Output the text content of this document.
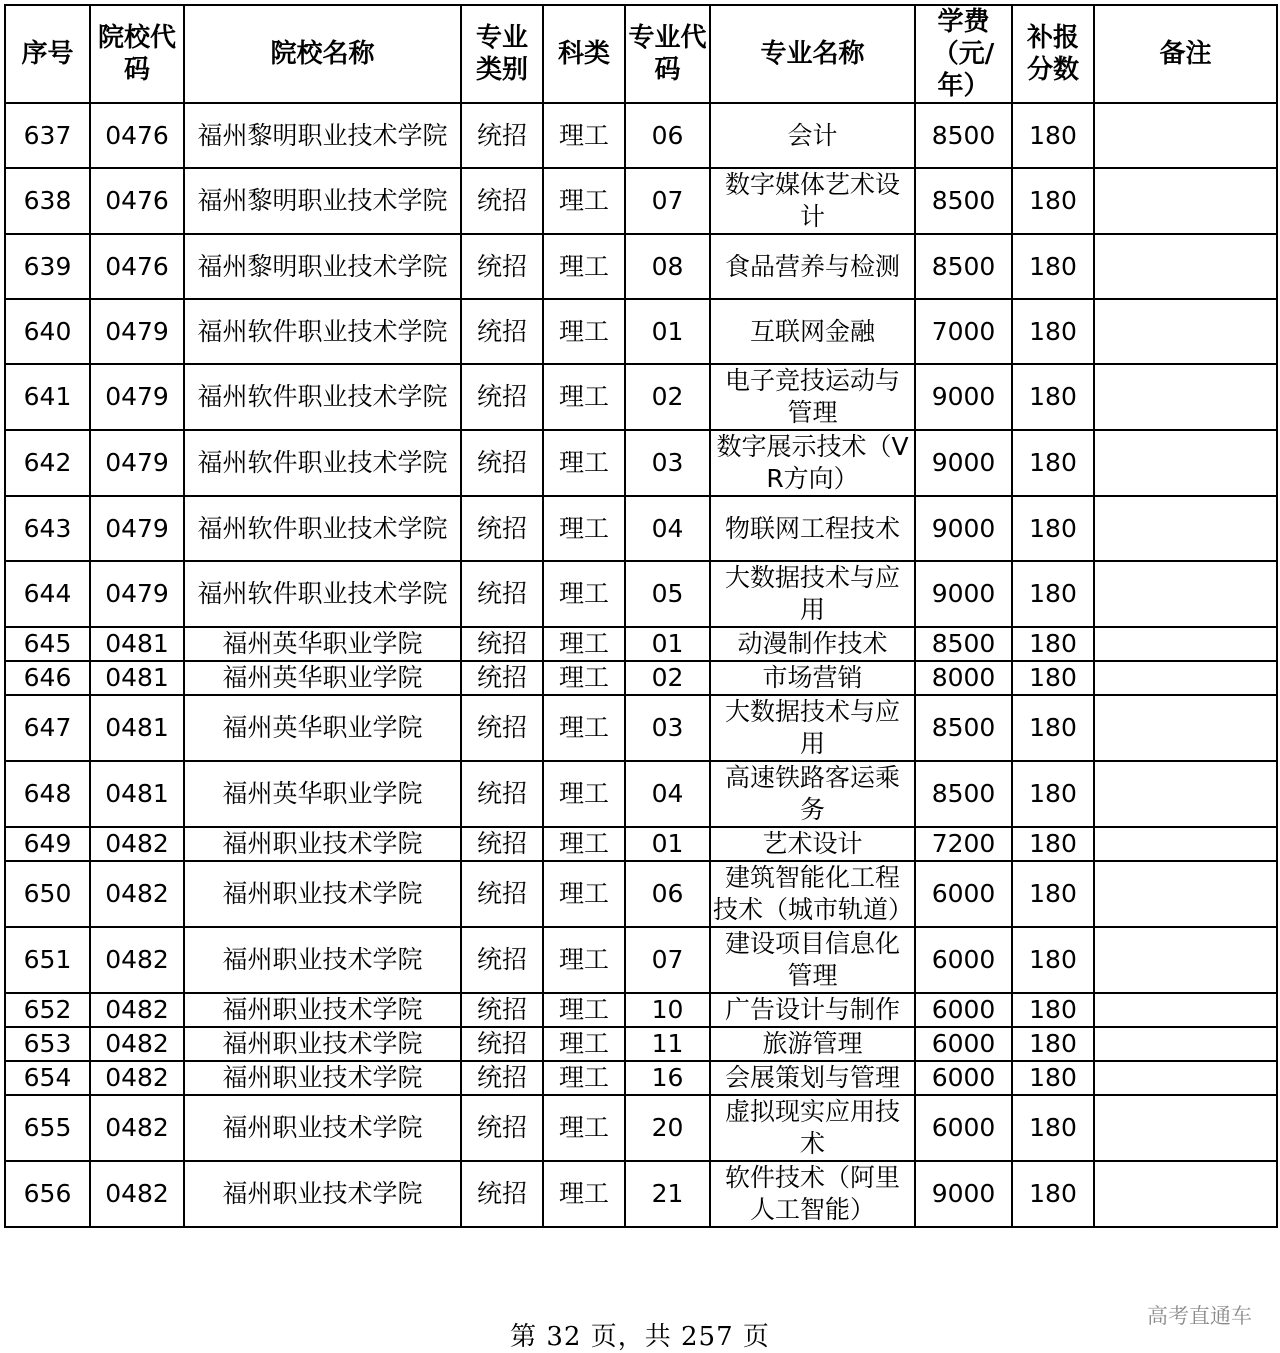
序号	院校代码	院校名称	专业类别	科类	专业代码	专业名称	学费（元/年）	补报分数	备注
637	0476	福州黎明职业技术学院	统招	理工	06	会计	8500	180	
638	0476	福州黎明职业技术学院	统招	理工	07	数字媒体艺术设计	8500	180	
639	0476	福州黎明职业技术学院	统招	理工	08	食品营养与检测	8500	180	
640	0479	福州软件职业技术学院	统招	理工	01	互联网金融	7000	180	
641	0479	福州软件职业技术学院	统招	理工	02	电子竞技运动与管理	9000	180	
642	0479	福州软件职业技术学院	统招	理工	03	数字展示技术（VR方向）	9000	180	
643	0479	福州软件职业技术学院	统招	理工	04	物联网工程技术	9000	180	
644	0479	福州软件职业技术学院	统招	理工	05	大数据技术与应用	9000	180	
645	0481	福州英华职业学院	统招	理工	01	动漫制作技术	8500	180	
646	0481	福州英华职业学院	统招	理工	02	市场营销	8000	180	
647	0481	福州英华职业学院	统招	理工	03	大数据技术与应用	8500	180	
648	0481	福州英华职业学院	统招	理工	04	高速铁路客运乘务	8500	180	
649	0482	福州职业技术学院	统招	理工	01	艺术设计	7200	180	
650	0482	福州职业技术学院	统招	理工	06	建筑智能化工程技术（城市轨道）	6000	180	
651	0482	福州职业技术学院	统招	理工	07	建设项目信息化管理	6000	180	
652	0482	福州职业技术学院	统招	理工	10	广告设计与制作	6000	180	
653	0482	福州职业技术学院	统招	理工	11	旅游管理	6000	180	
654	0482	福州职业技术学院	统招	理工	16	会展策划与管理	6000	180	
655	0482	福州职业技术学院	统招	理工	20	虚拟现实应用技术	6000	180	
656	0482	福州职业技术学院	统招	理工	21	软件技术（阿里人工智能）	9000	180	
第 32 页，共 257 页
高考直通车
